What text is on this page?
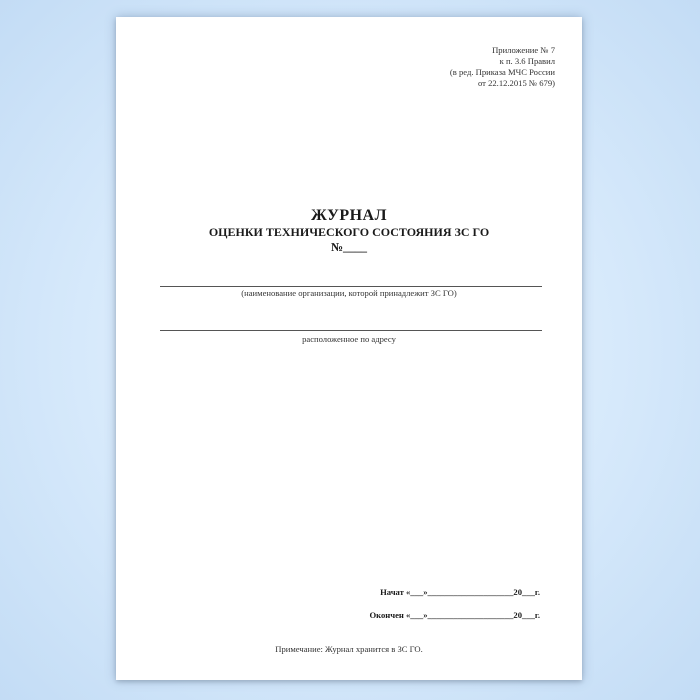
Приложение № 7
к п. 3.6 Правил
(в ред. Приказа МЧС России
от 22.12.2015 № 679)
ЖУРНАЛ
ОЦЕНКИ ТЕХНИЧЕСКОГО СОСТОЯНИЯ ЗС ГО
№____
(наименование организации, которой принадлежит ЗС ГО)
расположенное по адресу
Начат «___»____________________20___г.
Окончен «___»____________________20___г.
Примечание: Журнал хранится в ЗС ГО.
